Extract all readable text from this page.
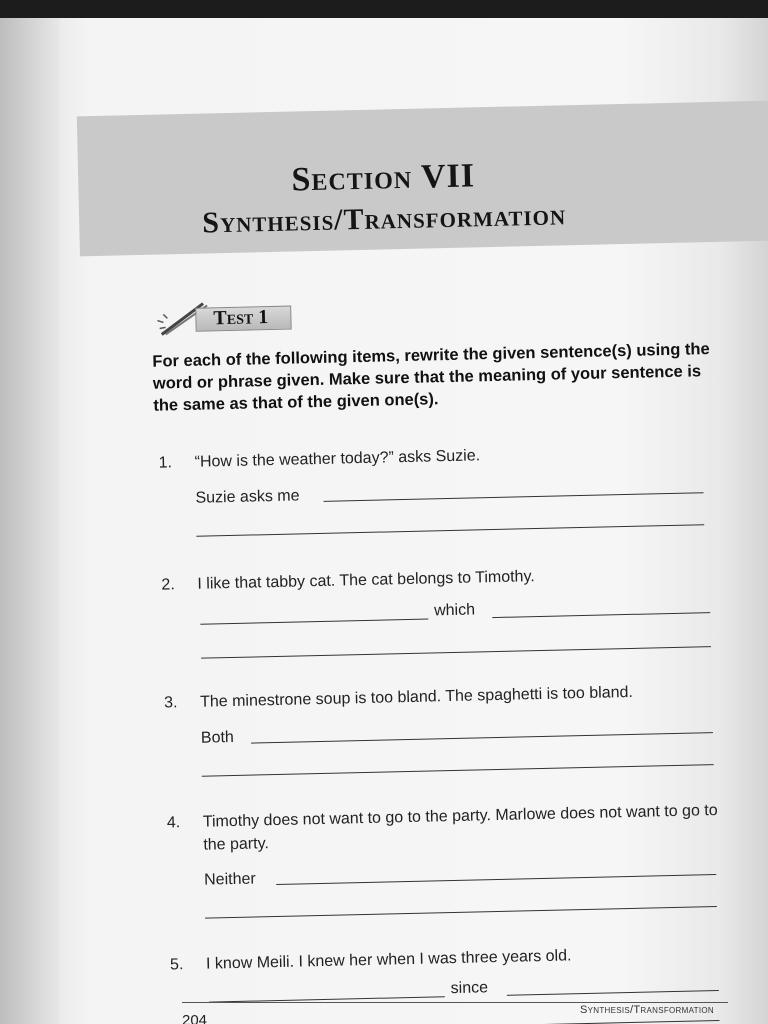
Section VII
Synthesis/Transformation
Test 1
For each of the following items, rewrite the given sentence(s) using the word or phrase given. Make sure that the meaning of your sentence is the same as that of the given one(s).
1. “How is the weather today?” asks Suzie.
Suzie asks me
2. I like that tabby cat. The cat belongs to Timothy.
which
3. The minestrone soup is too bland. The spaghetti is too bland.
Both
4. Timothy does not want to go to the party. Marlowe does not want to go to the party.
Neither
5. I know Meili. I knew her when I was three years old.
since
Synthesis/Transformation
204
